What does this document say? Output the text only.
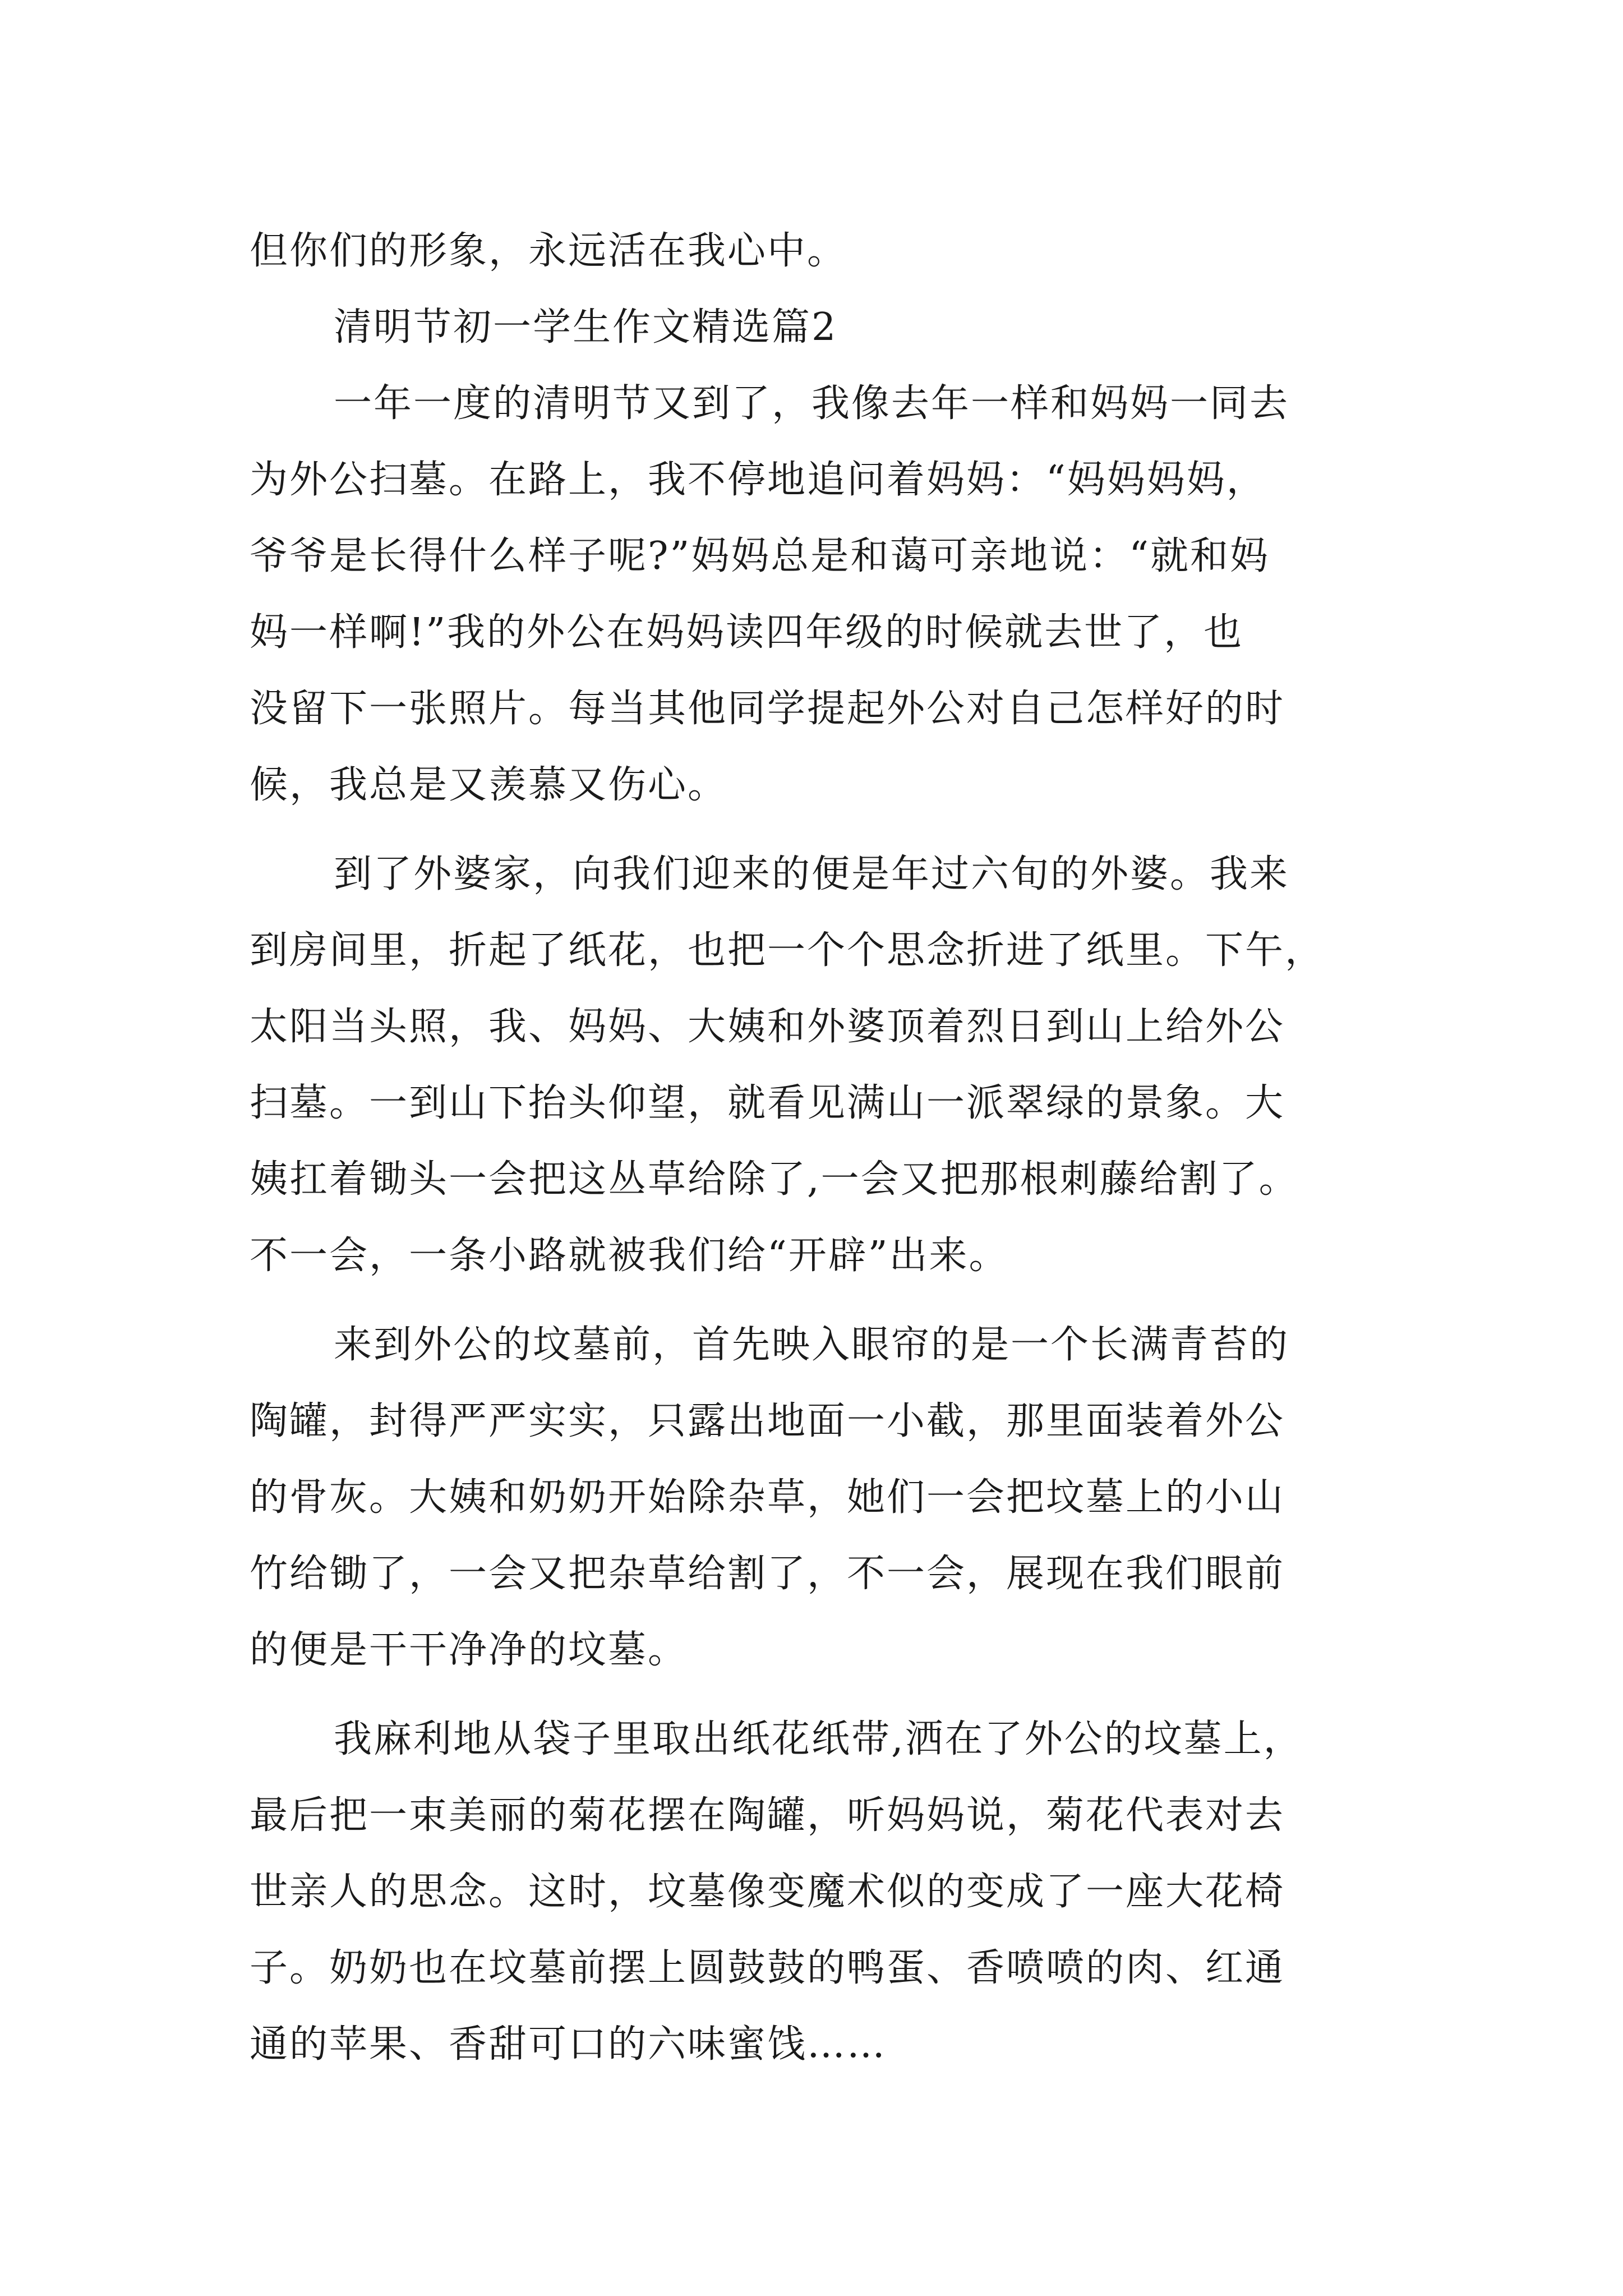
但你们的形象，永远活在我心中。
清明节初一学生作文精选篇2
一年一度的清明节又到了，我像去年一样和妈妈一同去
为外公扫墓。在路上，我不停地追问着妈妈：“妈妈妈妈，
爷爷是长得什么样子呢?”妈妈总是和蔼可亲地说：“就和妈
妈一样啊!”我的外公在妈妈读四年级的时候就去世了，也
没留下一张照片。每当其他同学提起外公对自己怎样好的时
候，我总是又羡慕又伤心。
到了外婆家，向我们迎来的便是年过六旬的外婆。我来
到房间里，折起了纸花，也把一个个思念折进了纸里。下午，
太阳当头照，我、妈妈、大姨和外婆顶着烈日到山上给外公
扫墓。一到山下抬头仰望，就看见满山一派翠绿的景象。大
姨扛着锄头一会把这丛草给除了,一会又把那根刺藤给割了。
不一会，一条小路就被我们给“开辟”出来。
来到外公的坟墓前，首先映入眼帘的是一个长满青苔的
陶罐，封得严严实实，只露出地面一小截，那里面装着外公
的骨灰。大姨和奶奶开始除杂草，她们一会把坟墓上的小山
竹给锄了，一会又把杂草给割了，不一会，展现在我们眼前
的便是干干净净的坟墓。
我麻利地从袋子里取出纸花纸带,洒在了外公的坟墓上，
最后把一束美丽的菊花摆在陶罐，听妈妈说，菊花代表对去
世亲人的思念。这时，坟墓像变魔术似的变成了一座大花椅
子。奶奶也在坟墓前摆上圆鼓鼓的鸭蛋、香喷喷的肉、红通
通的苹果、香甜可口的六味蜜饯……
